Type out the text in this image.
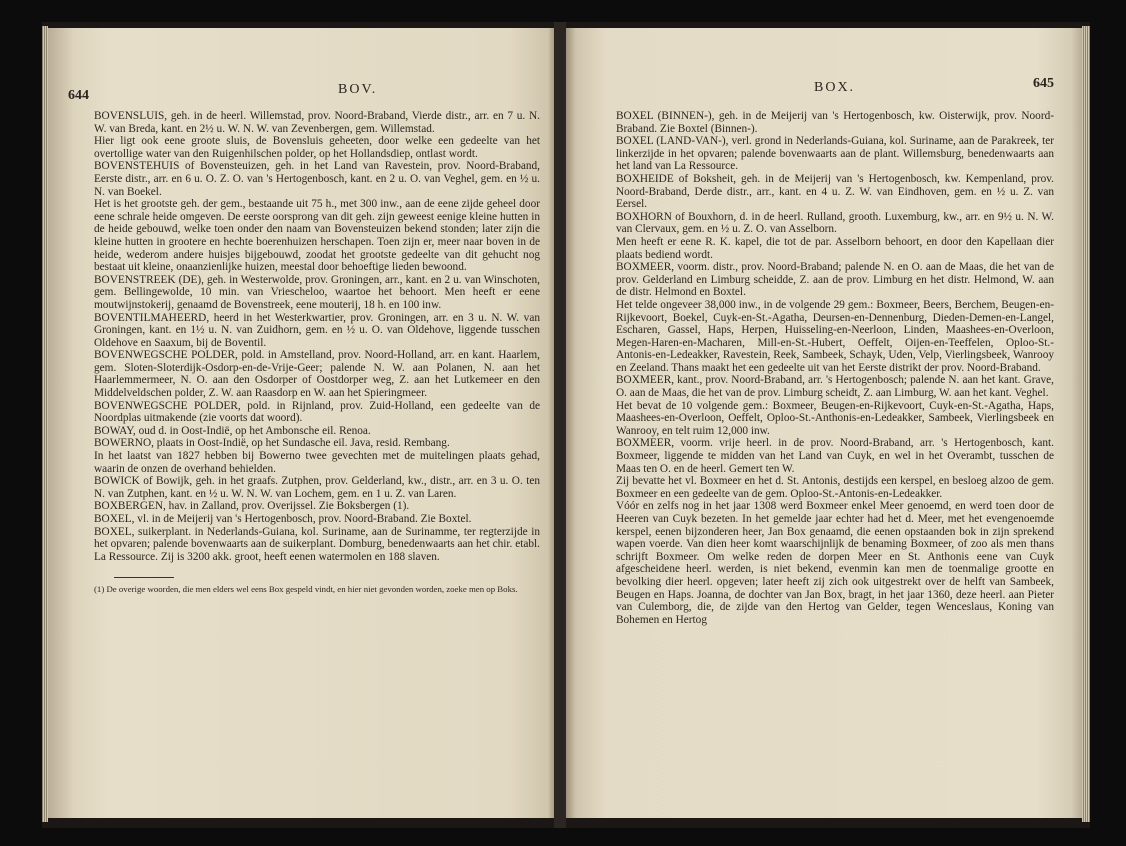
644	BOV.

BOVENSLUIS, geh. in de heerl. Willemstad, prov. Noord-Braband, Vierde distr., arr. en 7 u. N. W. van Breda, kant. en 2½ u. W. N. W. van Zevenbergen, gem. Willemstad.

Hier ligt ook eene groote sluis, de Bovensluis geheeten, door welke een gedeelte van het overtollige water van den Ruigenhilschen polder, op het Hollandsdiep, ontlast wordt.

BOVENSTEHUIS of Bovensteuizen, geh. in het Land van Ravestein, prov. Noord-Braband, Eerste distr., arr. en 6 u. O. Z. O. van 's Hertogenbosch, kant. en 2 u. O. van Veghel, gem. en ½ u. N. van Boekel.

Het is het grootste geh. der gem., bestaande uit 75 h., met 300 inw., aan de eene zijde geheel door eene schrale heide omgeven. De eerste oorsprong van dit geh. zijn geweest eenige kleine hutten in de heide gebouwd, welke toen onder den naam van Bovensteuizen bekend stonden; later zijn die kleine hutten in grootere en hechte boerenhuizen herschapen. Toen zijn er, meer naar boven in de heide, wederom andere huisjes bijgebouwd, zoodat het grootste gedeelte van dit gehucht nog bestaat uit kleine, onaanzienlijke huizen, meestal door behoeftige lieden bewoond.

BOVENSTREEK (DE), geh. in Westerwolde, prov. Groningen, arr., kant. en 2 u. van Winschoten, gem. Bellingewolde, 10 min. van Vriescheloo, waartoe het behoort. Men heeft er eene moutwijnstokerij, genaamd de Bovenstreek, eene mouterij, 18 h. en 100 inw.

BOVENTILMAHEERD, heerd in het Westerkwartier, prov. Groningen, arr. en 3 u. N. W. van Groningen, kant. en 1½ u. N. van Zuidhorn, gem. en ½ u. O. van Oldehove, liggende tusschen Oldehove en Saaxum, bij de Boventil.

BOVENWEGSCHE POLDER, pold. in Amstelland, prov. Noord-Holland, arr. en kant. Haarlem, gem. Sloten-Sloterdijk-Osdorp-en-de-Vrije-Geer; palende N. W. aan Polanen, N. aan het Haarlemmermeer, N. O. aan den Osdorper of Oostdorper weg, Z. aan het Lutkemeer en den Middelveldschen polder, Z. W. aan Raasdorp en W. aan het Spieringmeer.

BOVENWEGSCHE POLDER, pold. in Rijnland, prov. Zuid-Holland, een gedeelte van de Noordplas uitmakende (zie voorts dat woord).

BOWAY, oud d. in Oost-Indië, op het Ambonsche eil. Renoa.

BOWERNO, plaats in Oost-Indië, op het Sundasche eil. Java, resid. Rembang.

In het laatst van 1827 hebben bij Bowerno twee gevechten met de muitelingen plaats gehad, waarin de onzen de overhand behielden.

BOWICK of Bowijk, geh. in het graafs. Zutphen, prov. Gelderland, kw., distr., arr. en 3 u. O. ten N. van Zutphen, kant. en ½ u. W. N. W. van Lochem, gem. en 1 u. Z. van Laren.

BOXBERGEN, hav. in Zalland, prov. Overijssel. Zie Boksbergen (1).

BOXEL, vl. in de Meijerij van 's Hertogenbosch, prov. Noord-Braband. Zie Boxtel.

BOXEL, suikerplant. in Nederlands-Guiana, kol. Suriname, aan de Surinamme, ter regterzijde in het opvaren; palende bovenwaarts aan de suikerplant. Domburg, benedenwaarts aan het chir. etabl. La Ressource. Zij is 3200 akk. groot, heeft eenen watermolen en 188 slaven.

(1) De overige woorden, die men elders wel eens Box gespeld vindt, en hier niet gevonden worden, zoeke men op Boks.

BOX.	645

BOXEL (BINNEN-), geh. in de Meijerij van 's Hertogenbosch, kw. Oisterwijk, prov. Noord-Braband. Zie Boxtel (Binnen-).

BOXEL (LAND-VAN-), verl. grond in Nederlands-Guiana, kol. Suriname, aan de Parakreek, ter linkerzijde in het opvaren; palende bovenwaarts aan de plant. Willemsburg, benedenwaarts aan het land van La Ressource.

BOXHEIDE of Boksheit, geh. in de Meijerij van 's Hertogenbosch, kw. Kempenland, prov. Noord-Braband, Derde distr., arr., kant. en 4 u. Z. W. van Eindhoven, gem. en ½ u. Z. van Eersel.

BOXHORN of Bouxhorn, d. in de heerl. Rulland, grooth. Luxemburg, kw., arr. en 9½ u. N. W. van Clervaux, gem. en ½ u. Z. O. van Asselborn.

Men heeft er eene R. K. kapel, die tot de par. Asselborn behoort, en door den Kapellaan dier plaats bediend wordt.

BOXMEER, voorm. distr., prov. Noord-Braband; palende N. en O. aan de Maas, die het van de prov. Gelderland en Limburg scheidde, Z. aan de prov. Limburg en het distr. Helmond, W. aan de distr. Helmond en Boxtel.

Het telde ongeveer 38,000 inw., in de volgende 29 gem.: Boxmeer, Beers, Berchem, Beugen-en-Rijkevoort, Boekel, Cuyk-en-St.-Agatha, Deursen-en-Dennenburg, Dieden-Demen-en-Langel, Escharen, Gassel, Haps, Herpen, Huisseling-en-Neerloon, Linden, Maashees-en-Overloon, Megen-Haren-en-Macharen, Mill-en-St.-Hubert, Oeffelt, Oijen-en-Teeffelen, Oploo-St.-Antonis-en-Ledeakker, Ravestein, Reek, Sambeek, Schayk, Uden, Velp, Vierlingsbeek, Wanrooy en Zeeland. Thans maakt het een gedeelte uit van het Eerste distrikt der prov. Noord-Braband.

BOXMEER, kant., prov. Noord-Braband, arr. 's Hertogenbosch; palende N. aan het kant. Grave, O. aan de Maas, die het van de prov. Limburg scheidt, Z. aan Limburg, W. aan het kant. Veghel.

Het bevat de 10 volgende gem.: Boxmeer, Beugen-en-Rijkevoort, Cuyk-en-St.-Agatha, Haps, Maashees-en-Overloon, Oeffelt, Oploo-St.-Anthonis-en-Ledeakker, Sambeek, Vierlingsbeek en Wanrooy, en telt ruim 12,000 inw.

BOXMEER, voorm. vrije heerl. in de prov. Noord-Braband, arr. 's Hertogenbosch, kant. Boxmeer, liggende te midden van het Land van Cuyk, en wel in het Overambt, tusschen de Maas ten O. en de heerl. Gemert ten W.

Zij bevatte het vl. Boxmeer en het d. St. Antonis, destijds een kerspel, en besloeg alzoo de gem. Boxmeer en een gedeelte van de gem. Oploo-St.-Antonis-en-Ledeakker.

Vóór en zelfs nog in het jaar 1308 werd Boxmeer enkel Meer genoemd, en werd toen door de Heeren van Cuyk bezeten. In het gemelde jaar echter had het d. Meer, met het evengenoemde kerspel, eenen bijzonderen heer, Jan Box genaamd, die eenen opstaanden bok in zijn sprekend wapen voerde. Van dien heer komt waarschijnlijk de benaming Boxmeer, of zoo als men thans schrijft Boxmeer. Om welke reden de dorpen Meer en St. Anthonis eene van Cuyk afgescheidene heerl. werden, is niet bekend, evenmin kan men de toenmalige grootte en bevolking dier heerl. opgeven; later heeft zij zich ook uitgestrekt over de helft van Sambeek, Beugen en Haps. Joanna, de dochter van Jan Box, bragt, in het jaar 1360, deze heerl. aan Pieter van Culemborg, die, de zijde van den Hertog van Gelder, tegen Wenceslaus, Koning van Bohemen en Hertog
